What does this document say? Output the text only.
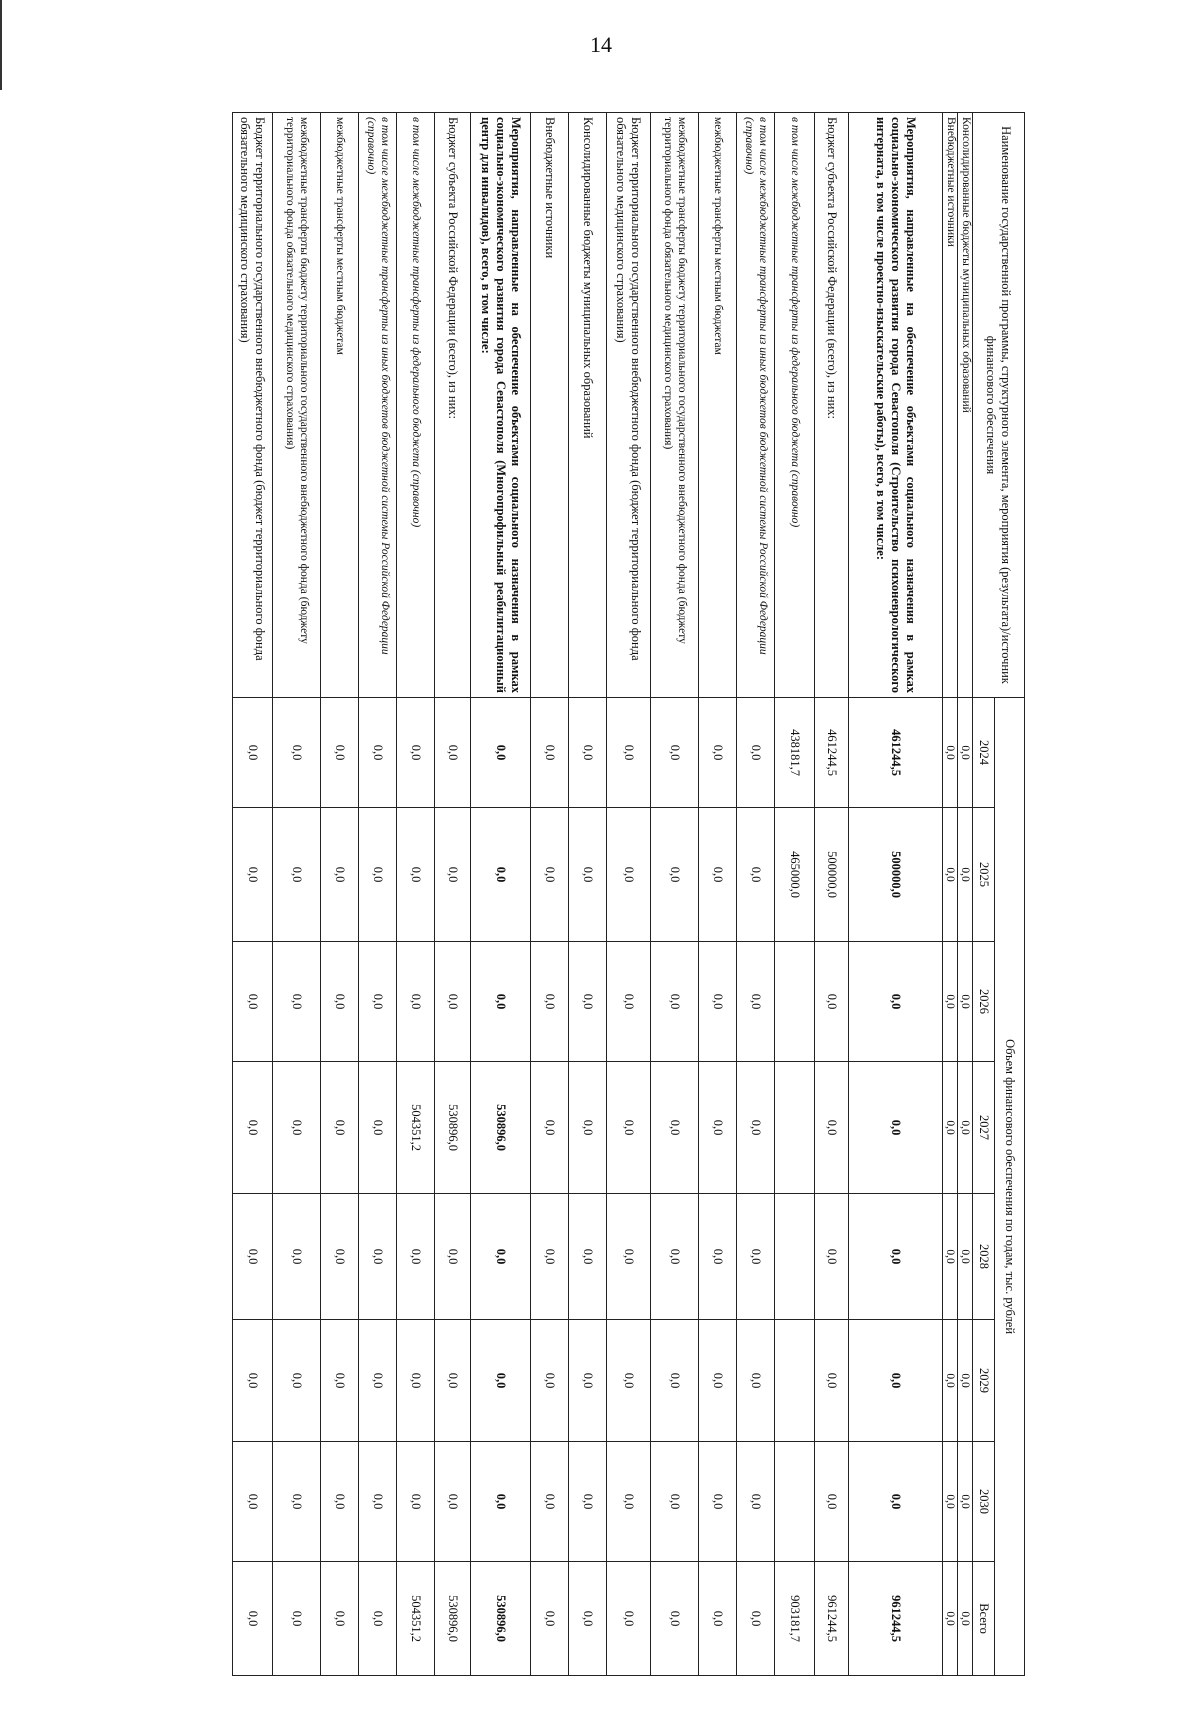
14
Наименование государственной программы, структурного элемента, мероприятия (результата)/источник финансового обеспечения	Объем финансового обеспечения по годам, тыс. рублей							
	2024	2025	2026	2027	2028	2029	2030	Всего
Консолидированные бюджеты муниципальных образований	0,0	0,0	0,0	0,0	0,0	0,0	0,0	0,0
Внебюджетные источники	0,0	0,0	0,0	0,0	0,0	0,0	0,0	0,0
Мероприятия, направленные на обеспечение объектами социального назначения в рамках социально-экономического развития города Севастополя (Строительство психоневрологического интерната, в том числе проектно-изыскательские работы), всего, в том числе:	461244,5	500000,0	0,0	0,0	0,0	0,0	0,0	961244,5
Бюджет субъекта Российской Федерации (всего), из них:	461244,5	500000,0	0,0	0,0	0,0	0,0	0,0	961244,5
в том числе межбюджетные трансферты из федерального бюджета (справочно)	438181,7	465000,0						903181,7
в том числе межбюджетные трансферты из иных бюджетов бюджетной системы Российской Федерации (справочно)	0,0	0,0	0,0	0,0	0,0	0,0	0,0	0,0
межбюджетные трансферты местным бюджетам	0,0	0,0	0,0	0,0	0,0	0,0	0,0	0,0
межбюджетные трансферты бюджету территориального государственного внебюджетного фонда (бюджету территориального фонда обязательного медицинского страхования)	0,0	0,0	0,0	0,0	0,0	0,0	0,0	0,0
Бюджет территориального государственного внебюджетного фонда (бюджет территориального фонда обязательного медицинского страхования)	0,0	0,0	0,0	0,0	0,0	0,0	0,0	0,0
Консолидированные бюджеты муниципальных образований	0,0	0,0	0,0	0,0	0,0	0,0	0,0	0,0
Внебюджетные источники	0,0	0,0	0,0	0,0	0,0	0,0	0,0	0,0
Мероприятия, направленные на обеспечение объектами социального назначения в рамках социально-экономического развития города Севастополя (Многопрофильный реабилитационный центр для инвалидов), всего, в том числе:	0,0	0,0	0,0	530896,0	0,0	0,0	0,0	530896,0
Бюджет субъекта Российской Федерации (всего), из них:	0,0	0,0	0,0	530896,0	0,0	0,0	0,0	530896,0
в том числе межбюджетные трансферты из федерального бюджета (справочно)	0,0	0,0	0,0	504351,2	0,0	0,0	0,0	504351,2
в том числе межбюджетные трансферты из иных бюджетов бюджетной системы Российской Федерации (справочно)	0,0	0,0	0,0	0,0	0,0	0,0	0,0	0,0
межбюджетные трансферты местным бюджетам	0,0	0,0	0,0	0,0	0,0	0,0	0,0	0,0
межбюджетные трансферты бюджету территориального государственного внебюджетного фонда (бюджету территориального фонда обязательного медицинского страхования)	0,0	0,0	0,0	0,0	0,0	0,0	0,0	0,0
Бюджет территориального государственного внебюджетного фонда (бюджет территориального фонда обязательного медицинского страхования)	0,0	0,0	0,0	0,0	0,0	0,0	0,0	0,0
